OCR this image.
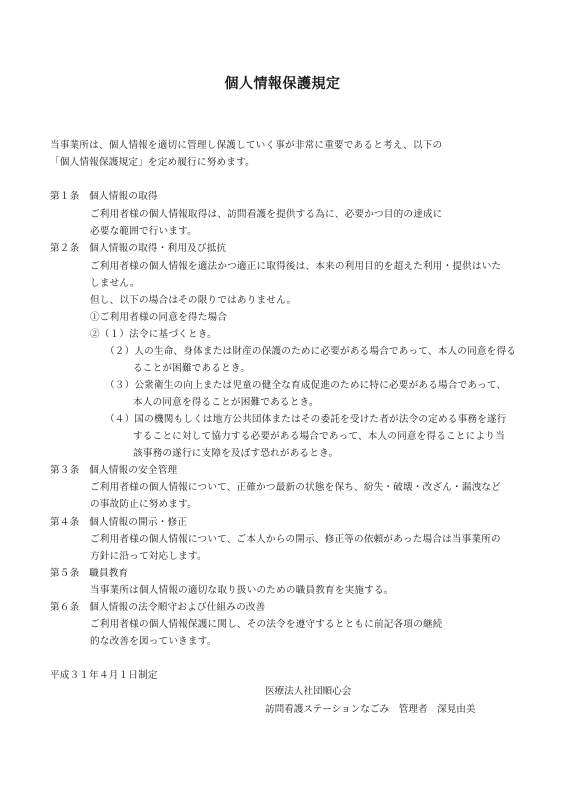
個人情報保護規定
当事業所は、個人情報を適切に管理し保護していく事が非常に重要であると考え、以下の
「個人情報保護規定」を定め履行に努めます。
第１条　個人情報の取得
ご利用者様の個人情報取得は、訪問看護を提供する為に、必要かつ目的の達成に
必要な範囲で行います。
第２条　個人情報の取得・利用及び抵抗
ご利用者様の個人情報を適法かつ適正に取得後は、本来の利用目的を超えた利用・提供はいた
しません。
但し、以下の場合はその限りではありません。
①ご利用者様の同意を得た場合
②（１）法令に基づくとき。
（２）人の生命、身体または財産の保護のために必要がある場合であって、本人の同意を得る
ることが困難であるとき。
（３）公衆衛生の向上または児童の健全な育成促進のために特に必要がある場合であって、
本人の同意を得ることが困難であるとき。
（４）国の機関もしくは地方公共団体またはその委託を受けた者が法令の定める事務を遂行
することに対して協力する必要がある場合であって、本人の同意を得ることにより当
該事務の遂行に支障を及ぼす恐れがあるとき。
第３条　個人情報の安全管理
ご利用者様の個人情報について、正確かつ最新の状態を保ち、紛失・破壊・改ざん・漏洩など
の事故防止に努めます。
第４条　個人情報の開示・修正
ご利用者様の個人情報について、ご本人からの開示、修正等の依頼があった場合は当事業所の
方針に沿って対応します。
第５条　職員教育
当事業所は個人情報の適切な取り扱いのための職員教育を実施する。
第６条　個人情報の法令順守および仕組みの改善
ご利用者様の個人情報保護に関し、その法令を遵守するとともに前記各項の継続
的な改善を図っていきます。
平成３１年４月１日制定
医療法人社団順心会
訪問看護ステーションなごみ　管理者　深見由美
